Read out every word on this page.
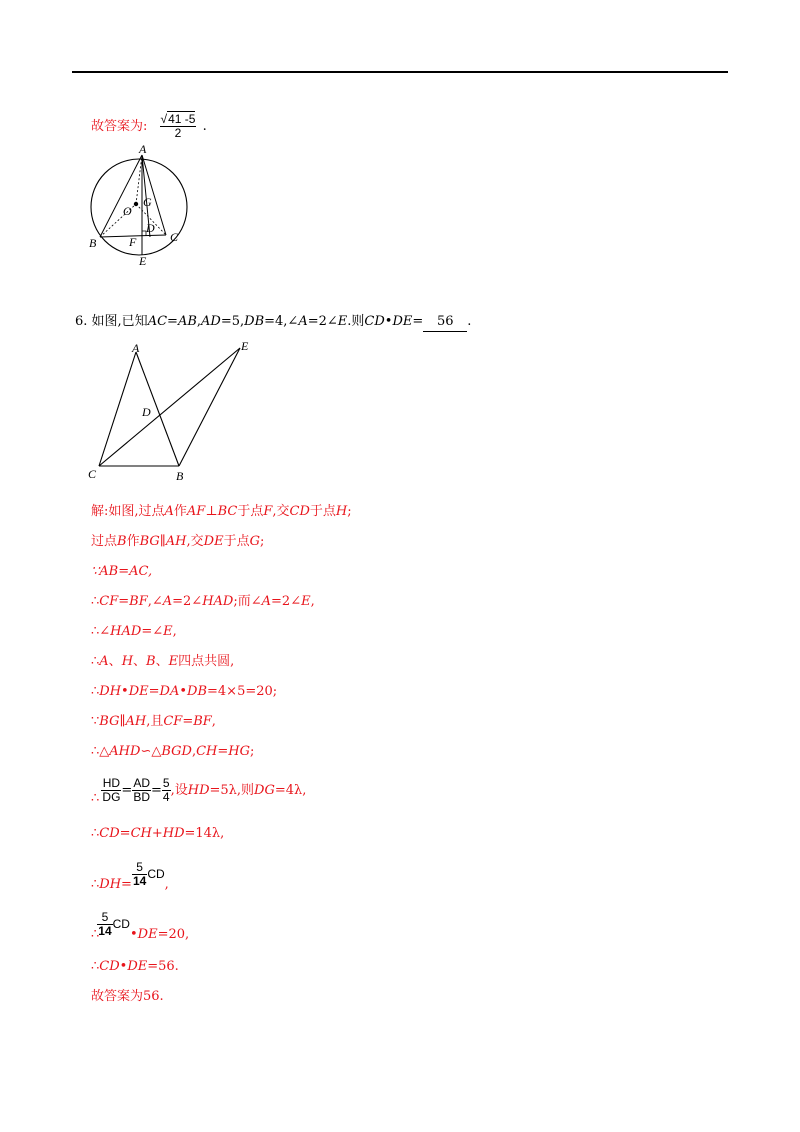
故答案为: $\frac{√41 -5}{2}$ .
A
O
G
D
B	F	C
E
6. 如图,已知AC=AB,AD=5,DB=4,∠A=2∠E.则CD•DE= 56 .
A	E
D
C	B
解:如图,过点A作AF⊥BC于点F,交CD于点H;
过点B作BG∥AH,交DE于点G;
∵AB=AC,
∴CF=BF,∠A=2∠HAD;而∠A=2∠E,
∴∠HAD=∠E,
∴A、H、B、E四点共圆,
∴DH•DE=DA•DB=4×5=20;
∵BG∥AH,且CF=BF,
∴△AHD∽△BGD,CH=HG;
∴ $\frac{HD}{DG} = \frac{AD}{BD} = \frac{5}{4}$ ,设HD=5λ,则DG=4λ,
∴CD=CH+HD=14λ,
∴DH= $\frac{5}{14}$ CD,
∴
$\frac{5}{14}$ CD•DE=20,
∴CD•DE=56.
故答案为56.
